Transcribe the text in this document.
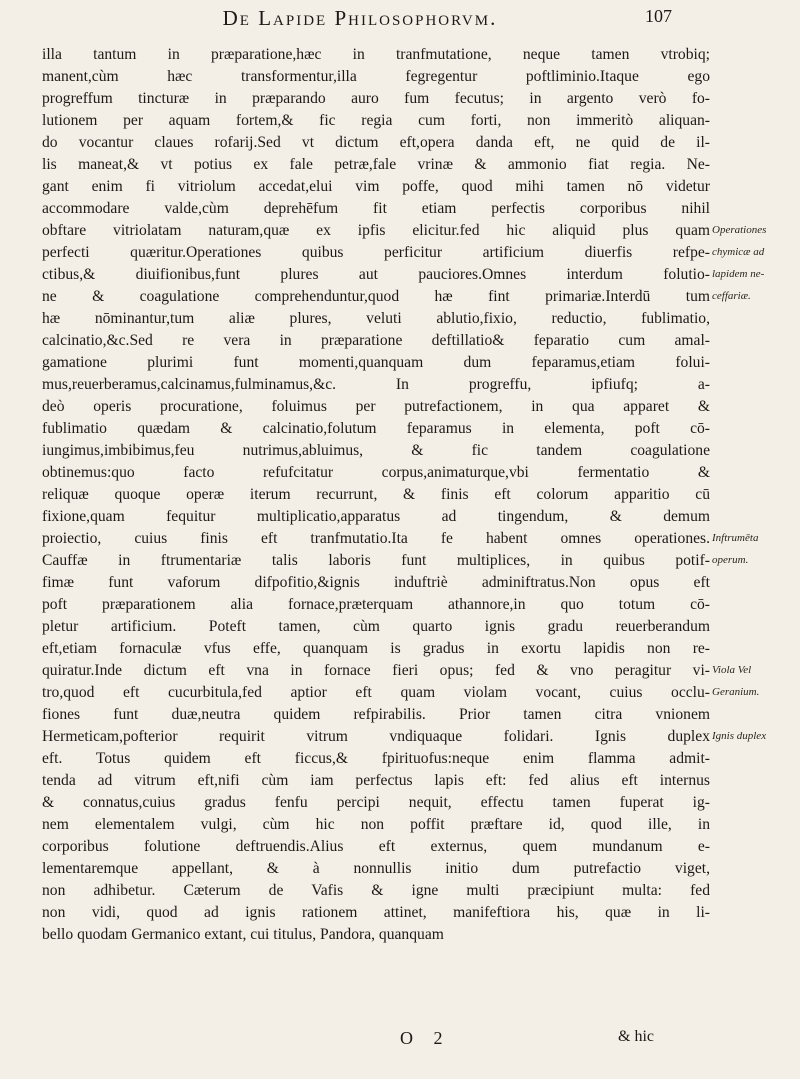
De Lapide Philosophorvm.	107
illa tantum in præparatione,hæc in tranfmutatione, neque tamen vtrobiq;
manent,cùm hæc transformentur,illa fegregentur poftliminio.Itaque ego
progreffum tincturæ in præparando auro fum fecutus; in argento verò fo-
lutionem per aquam fortem,& fic regia cum forti, non immeritò aliquan-
do vocantur claues rofarij.Sed vt dictum eft,opera danda eft, ne quid de il-
lis maneat,& vt potius ex fale petræ,fale vrinæ & ammonio fiat regia. Ne-
gant enim fi vitriolum accedat,elui vim poffe, quod mihi tamen nō videtur
accommodare valde,cùm deprehēfum fit etiam perfectis corporibus nihil
obftare vitriolatam naturam,quæ ex ipfis elicitur.fed hic aliquid plus quam
perfecti quæritur.Operationes quibus perficitur artificium diuerfis refpe-
ctibus,& diuifionibus,funt plures aut pauciores.Omnes interdum folutio-
ne & coagulatione comprehenduntur,quod hæ fint primariæ.Interdū tum
hæ nōminantur,tum aliæ plures, veluti ablutio,fixio, reductio, fublimatio,
calcinatio,&c.Sed re vera in præparatione deftillatio& feparatio cum amal-
gamatione plurimi funt momenti,quanquam dum feparamus,etiam folui-
mus,reuerberamus,calcinamus,fulminamus,&c. In progreffu, ipfiufq; a-
deò operis procuratione, foluimus per putrefactionem, in qua apparet &
fublimatio quædam & calcinatio,folutum feparamus in elementa, poft cō-
iungimus,imbibimus,feu nutrimus,abluimus, & fic tandem coagulatione
obtinemus:quo facto refufcitatur corpus,animaturque,vbi fermentatio &
reliquæ quoque operæ iterum recurrunt, & finis eft colorum apparitio cū
fixione,quam fequitur multiplicatio,apparatus ad tingendum, & demum
proiectio, cuius finis eft tranfmutatio.Ita fe habent omnes operationes.
Cauffæ in ftrumentariæ talis laboris funt multiplices, in quibus potif-
fimæ funt vaforum difpofitio,&ignis induftriè adminiftratus.Non opus eft
poft præparationem alia fornace,præterquam athannore,in quo totum cō-
pletur artificium. Poteft tamen, cùm quarto ignis gradu reuerberandum
eft,etiam fornaculæ vfus effe, quanquam is gradus in exortu lapidis non re-
quiratur.Inde dictum eft vna in fornace fieri opus; fed & vno peragitur vi-
tro,quod eft cucurbitula,fed aptior eft quam violam vocant, cuius occlu-
fiones funt duæ,neutra quidem refpirabilis. Prior tamen citra vnionem
Hermeticam,pofterior requirit vitrum vndiquaque folidari. Ignis duplex
eft. Totus quidem eft ficcus,& fpirituofus:neque enim flamma admit-
tenda ad vitrum eft,nifi cùm iam perfectus lapis eft: fed alius eft internus
& connatus,cuius gradus fenfu percipi nequit, effectu tamen fuperat ig-
nem elementalem vulgi, cùm hic non poffit præftare id, quod ille, in
corporibus folutione deftruendis.Alius eft externus, quem mundanum e-
lementaremque appellant, & à nonnullis initio dum putrefactio viget,
non adhibetur. Cæterum de Vafis & igne multi præcipiunt multa: fed
non vidi, quod ad ignis rationem attinet, manifeftiora his, quæ in li-
bello quodam Germanico extant, cui titulus, Pandora, quanquam
Operationes
chymicæ ad
lapidem ne-
ceffariæ.
Inftrumēta
operum.
Viola Vel
Geranium.
Ignis duplex
O 2	& hic
